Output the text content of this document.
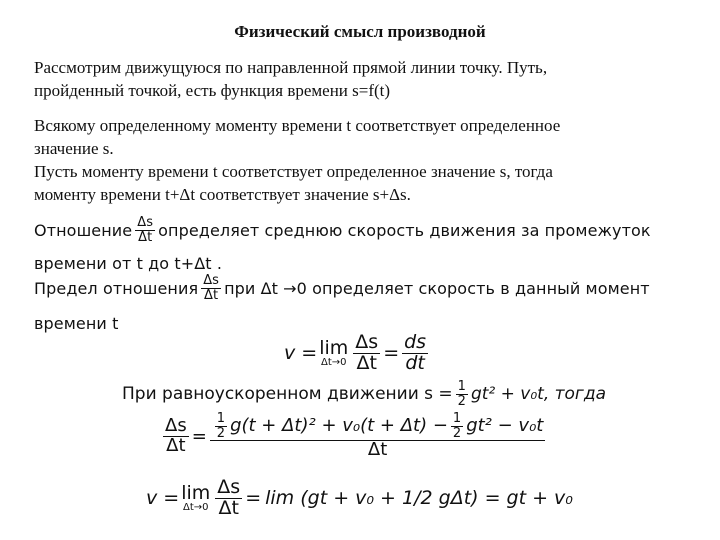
Физический смысл производной
Рассмотрим движущуюся по направленной прямой линии точку. Путь,
пройденный точкой, есть функция времени s=f(t)
Всякому определенному моменту времени t соответствует определенное
значение s.
Пусть моменту времени t соответствует определенное значение s, тогда
моменту времени t+Δt соответствует значение s+Δs.
Отношение $\frac{\Delta s}{\Delta t}$ определяет среднюю скорость движения за промежуток
времени от t до t+Δt .
Предел отношения $\frac{\Delta s}{\Delta t}$ при Δt →0 определяет скорость в данный момент
времени t
v = lim
$\Delta t\to 0 \frac{\Delta s}{\Delta t} = \frac{ds}{dt}$
При равноускоренном движении $s = \frac{1}{2} gt^2 + v_0t$, тогда
$\frac{\Delta s}{\Delta t} = \frac{1}{2} g(t + \Delta t)^2 + v_0(t + \Delta t) - \frac{1}{2} gt^2 - v_0t$
Δt
v = lim
$\Delta t\to 0 \frac{\Delta s}{\Delta t} = \lim (gt + v_0 + 1/2$ gΔt) = gt + v₀
